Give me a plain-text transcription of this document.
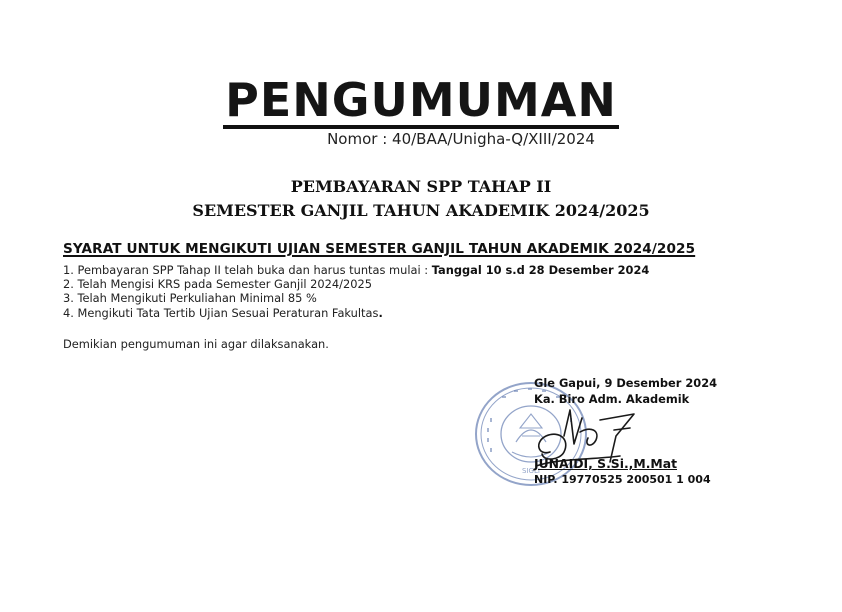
PENGUMUMAN
Nomor : 40/BAA/Unigha-Q/XIII/2024
PEMBAYARAN SPP TAHAP II
SEMESTER GANJIL TAHUN AKADEMIK 2024/2025
SYARAT UNTUK MENGIKUTI UJIAN SEMESTER GANJIL TAHUN AKADEMIK 2024/2025
1. Pembayaran SPP Tahap II telah buka dan harus tuntas mulai : Tanggal 10 s.d 28 Desember 2024
2. Telah Mengisi KRS pada Semester Ganjil 2024/2025
3. Telah Mengikuti Perkuliahan Minimal 85 %
4. Mengikuti Tata Tertib Ujian Sesuai Peraturan Fakultas.
Demikian pengumuman ini agar dilaksanakan.
SIGLI
Gle Gapui, 9 Desember 2024
Ka. Biro Adm. Akademik
JUNAIDI, S.Si.,M.Mat
NIP. 19770525 200501 1 004
